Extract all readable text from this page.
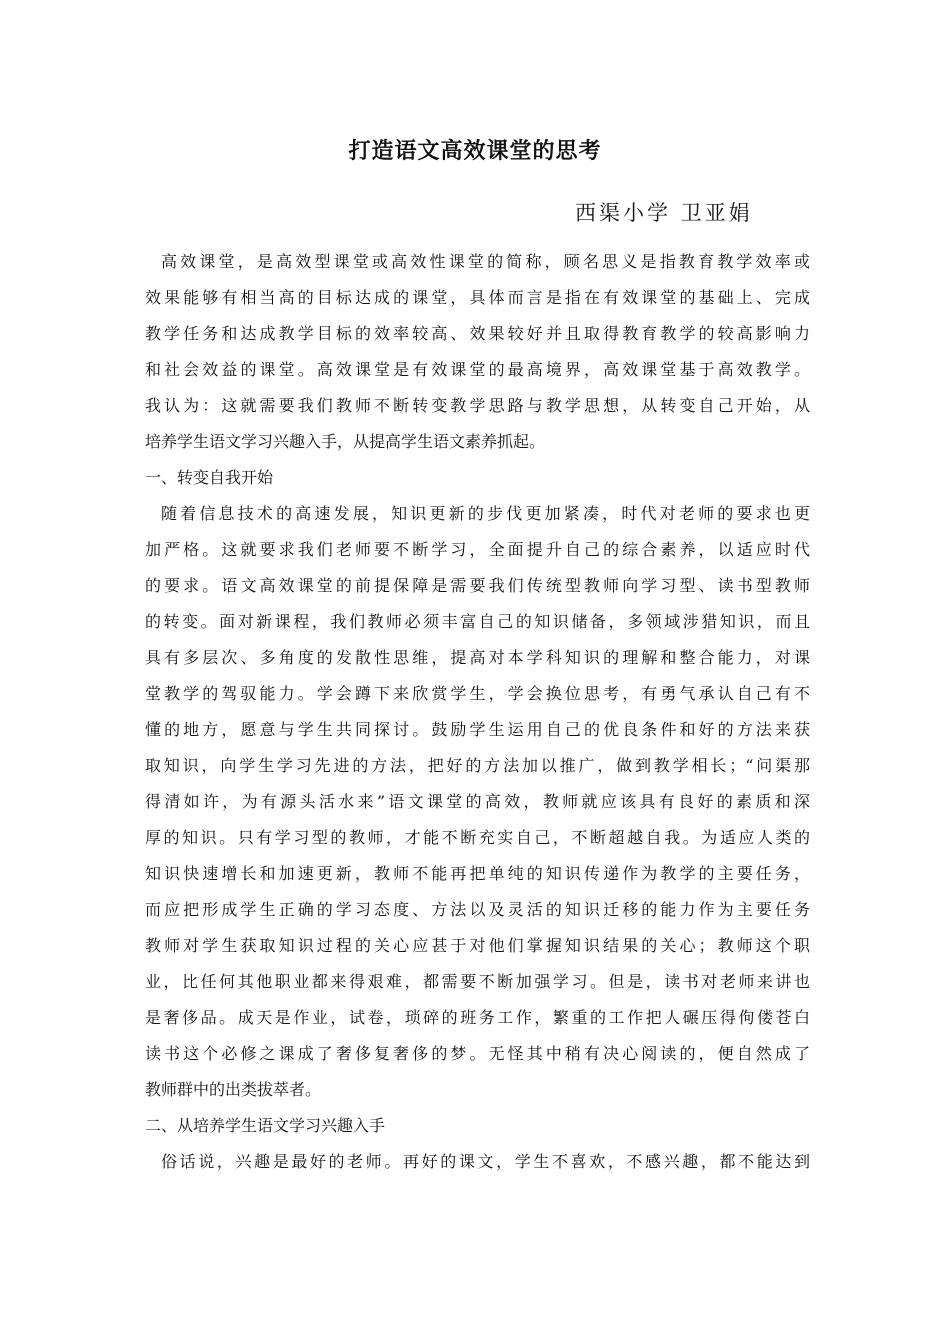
打造语文高效课堂的思考
西渠小学 卫亚娟
高效课堂，是高效型课堂或高效性课堂的简称，顾名思义是指教育教学效率或
效果能够有相当高的目标达成的课堂，具体而言是指在有效课堂的基础上、完成
教学任务和达成教学目标的效率较高、效果较好并且取得教育教学的较高影响力
和社会效益的课堂。高效课堂是有效课堂的最高境界，高效课堂基于高效教学。
我认为：这就需要我们教师不断转变教学思路与教学思想，从转变自己开始，从
培养学生语文学习兴趣入手，从提高学生语文素养抓起。
一、转变自我开始
随着信息技术的高速发展，知识更新的步伐更加紧凑，时代对老师的要求也更
加严格。这就要求我们老师要不断学习，全面提升自己的综合素养，以适应时代
的要求。语文高效课堂的前提保障是需要我们传统型教师向学习型、读书型教师
的转变。面对新课程，我们教师必须丰富自己的知识储备，多领域涉猎知识，而且
具有多层次、多角度的发散性思维，提高对本学科知识的理解和整合能力，对课
堂教学的驾驭能力。学会蹲下来欣赏学生，学会换位思考，有勇气承认自己有不
懂的地方，愿意与学生共同探讨。鼓励学生运用自己的优良条件和好的方法来获
取知识，向学生学习先进的方法，把好的方法加以推广，做到教学相长；“问渠那
得清如许，为有源头活水来”语文课堂的高效，教师就应该具有良好的素质和深
厚的知识。只有学习型的教师，才能不断充实自己，不断超越自我。为适应人类的
知识快速增长和加速更新，教师不能再把单纯的知识传递作为教学的主要任务，
而应把形成学生正确的学习态度、方法以及灵活的知识迁移的能力作为主要任务
教师对学生获取知识过程的关心应甚于对他们掌握知识结果的关心；教师这个职
业，比任何其他职业都来得艰难，都需要不断加强学习。但是，读书对老师来讲也
是奢侈品。成天是作业，试卷，琐碎的班务工作，繁重的工作把人碾压得佝偻苍白
读书这个必修之课成了奢侈复奢侈的梦。无怪其中稍有决心阅读的，便自然成了
教师群中的出类拔萃者。
二、从培养学生语文学习兴趣入手
俗话说，兴趣是最好的老师。再好的课文，学生不喜欢，不感兴趣，都不能达到
